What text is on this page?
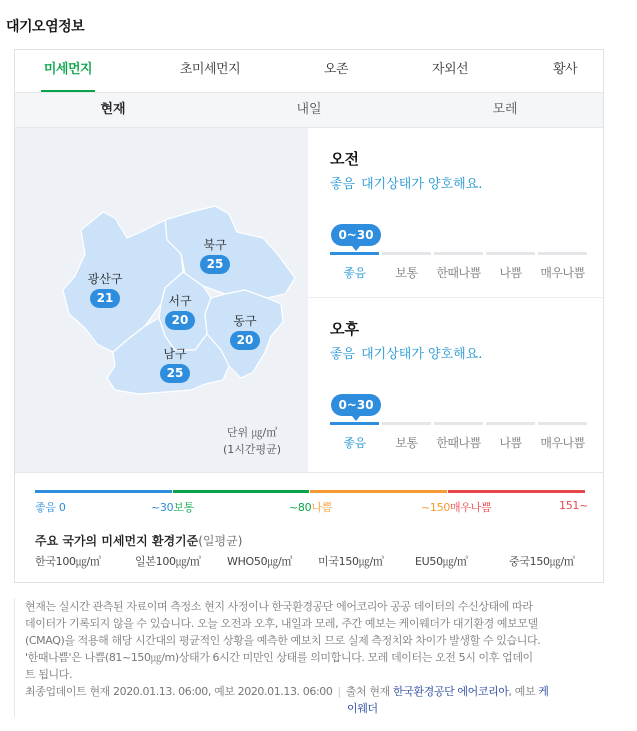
대기오염정보
미세먼지	초미세먼지	오존	자외선	황사
현재	내일	모레
북구
25
광산구
21	서구
20	동구
20
남구
25
단위 ㎍/㎥
(1시간평균)
오전
좋음 대기상태가 양호해요.
0~30
좋음	보통	한때나쁨	나쁨	매우나쁨
오후
좋음 대기상태가 양호해요.
0~30
좋음	보통	한때나쁨	나쁨	매우나쁨
좋음 0	~30보통	~80나쁨	~150매우나쁨	151~
주요 국가의 미세먼지 환경기준(일평균)
한국100㎍/㎥	일본100㎍/㎥ WHO50㎍/㎥ 미국150㎍/㎥	EU50㎍/㎥	중국150㎍/㎥
현재는 실시간 관측된 자료이며 측정소 현지 사정이나 한국환경공단 에어코리아 공공 데이터의 수신상태에 따라
데이터가 기록되지 않을 수 있습니다. 오늘 오전과 오후, 내일과 모레, 주간 예보는 케이웨더가 대기환경 예보모델
(CMAQ)을 적용해 해당 시간대의 평균적인 상황을 예측한 예보치 므로 실제 측정치와 차이가 발생할 수 있습니다.
'한때나쁨'은 나쁨(81~150㎍/m)상태가 6시간 미만인 상태를 의미합니다. 모레 데이터는 오전 5시 이후 업데이
트 됩니다.
최종업데이트 현재 2020.01.13. 06:00, 예보 2020.01.13. 06:00 | 출처 현재 한국환경공단 에어코리아, 예보 케
이웨더
